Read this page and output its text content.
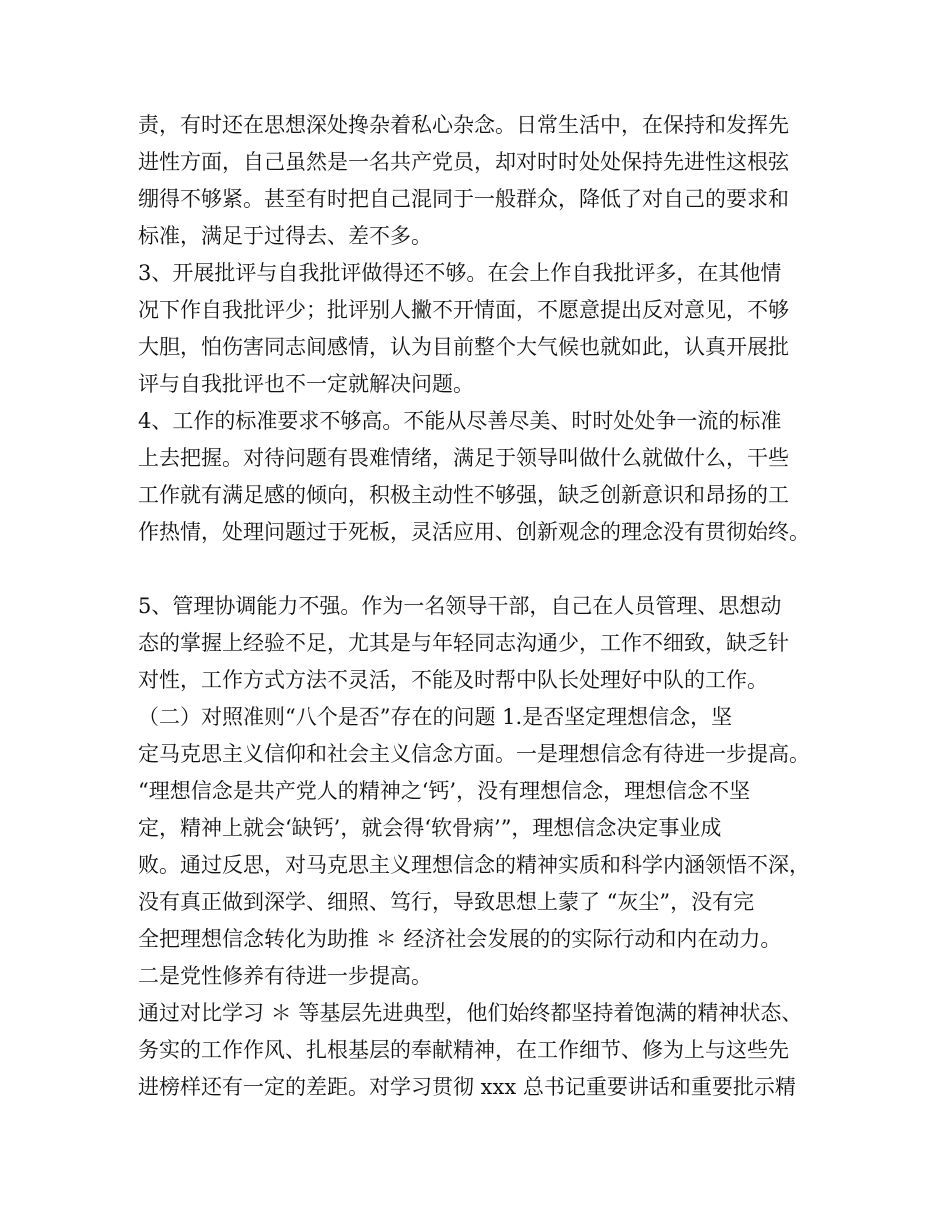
责，有时还在思想深处搀杂着私心杂念。日常生活中，在保持和发挥先
进性方面，自己虽然是一名共产党员，却对时时处处保持先进性这根弦
绷得不够紧。甚至有时把自己混同于一般群众，降低了对自己的要求和
标准，满足于过得去、差不多。
3、开展批评与自我批评做得还不够。在会上作自我批评多，在其他情
况下作自我批评少；批评别人撇不开情面，不愿意提出反对意见，不够
大胆，怕伤害同志间感情，认为目前整个大气候也就如此，认真开展批
评与自我批评也不一定就解决问题。
4、工作的标准要求不够高。不能从尽善尽美、时时处处争一流的标准
上去把握。对待问题有畏难情绪，满足于领导叫做什么就做什么，干些
工作就有满足感的倾向，积极主动性不够强，缺乏创新意识和昂扬的工
作热情，处理问题过于死板，灵活应用、创新观念的理念没有贯彻始终。
5、管理协调能力不强。作为一名领导干部，自己在人员管理、思想动
态的掌握上经验不足，尤其是与年轻同志沟通少，工作不细致，缺乏针
对性，工作方式方法不灵活，不能及时帮中队长处理好中队的工作。
（二）对照准则“八个是否”存在的问题 1.是否坚定理想信念，坚
定马克思主义信仰和社会主义信念方面。一是理想信念有待进一步提高。
“理想信念是共产党人的精神之‘钙’，没有理想信念，理想信念不坚
定，精神上就会‘缺钙’，就会得‘软骨病’”，理想信念决定事业成
败。通过反思，对马克思主义理想信念的精神实质和科学内涵领悟不深，
没有真正做到深学、细照、笃行，导致思想上蒙了 “灰尘”，没有完
全把理想信念转化为助推 ＊ 经济社会发展的的实际行动和内在动力。
二是党性修养有待进一步提高。
通过对比学习 ＊ 等基层先进典型，他们始终都坚持着饱满的精神状态、
务实的工作作风、扎根基层的奉献精神，在工作细节、修为上与这些先
进榜样还有一定的差距。对学习贯彻 xxx 总书记重要讲话和重要批示精
